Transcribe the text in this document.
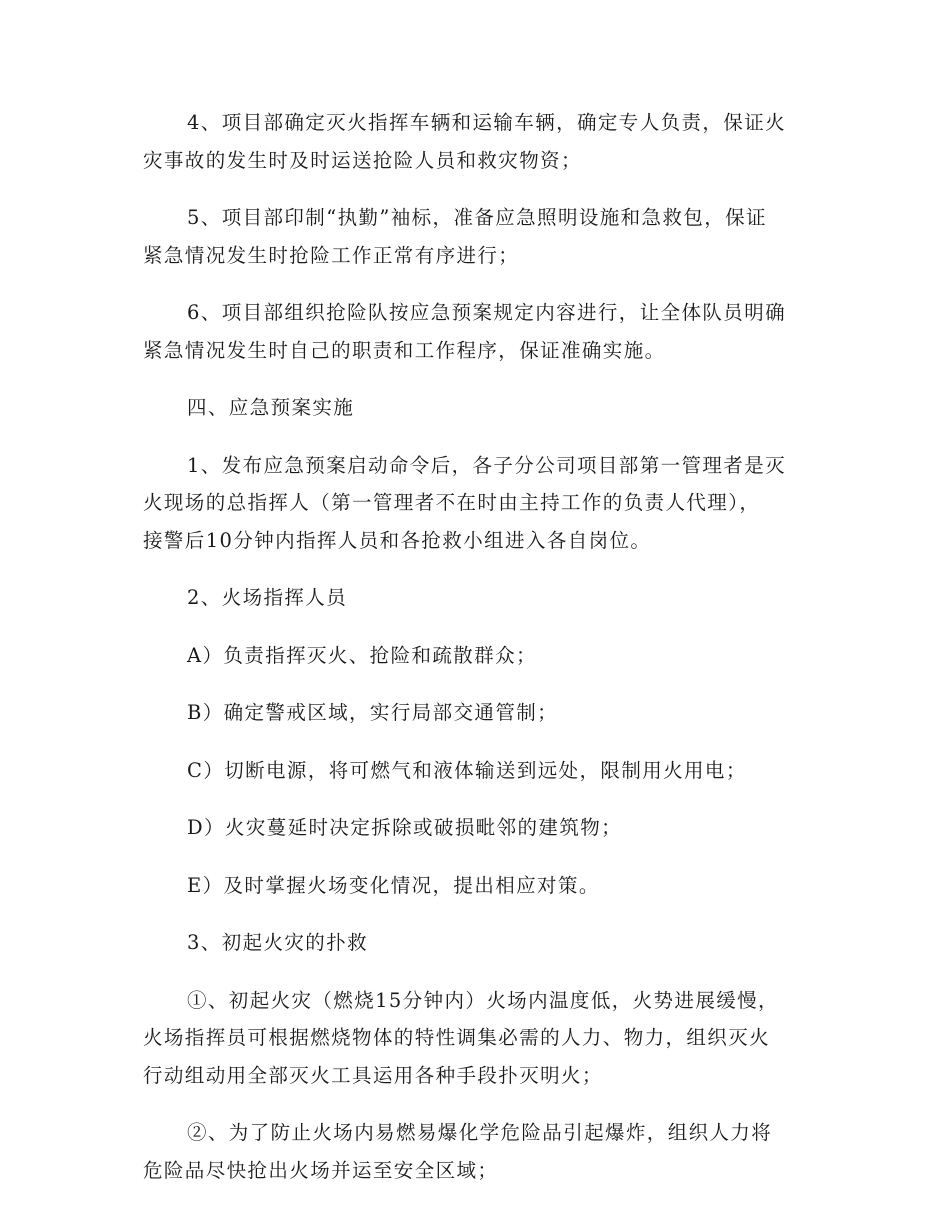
4、项目部确定灭火指挥车辆和运输车辆，确定专人负责，保证火
灾事故的发生时及时运送抢险人员和救灾物资；

5、项目部印制“执勤”袖标，准备应急照明设施和急救包，保证
紧急情况发生时抢险工作正常有序进行；

6、项目部组织抢险队按应急预案规定内容进行，让全体队员明确
紧急情况发生时自己的职责和工作程序，保证准确实施。

四、应急预案实施

1、发布应急预案启动命令后，各子分公司项目部第一管理者是灭
火现场的总指挥人（第一管理者不在时由主持工作的负责人代理），
接警后10分钟内指挥人员和各抢救小组进入各自岗位。

2、火场指挥人员

A）负责指挥灭火、抢险和疏散群众；

B）确定警戒区域，实行局部交通管制；

C）切断电源，将可燃气和液体输送到远处，限制用火用电；

D）火灾蔓延时决定拆除或破损毗邻的建筑物；

E）及时掌握火场变化情况，提出相应对策。

3、初起火灾的扑救

①、初起火灾（燃烧15分钟内）火场内温度低，火势进展缓慢，
火场指挥员可根据燃烧物体的特性调集必需的人力、物力，组织灭火
行动组动用全部灭火工具运用各种手段扑灭明火；

②、为了防止火场内易燃易爆化学危险品引起爆炸，组织人力将
危险品尽快抢出火场并运至安全区域；
